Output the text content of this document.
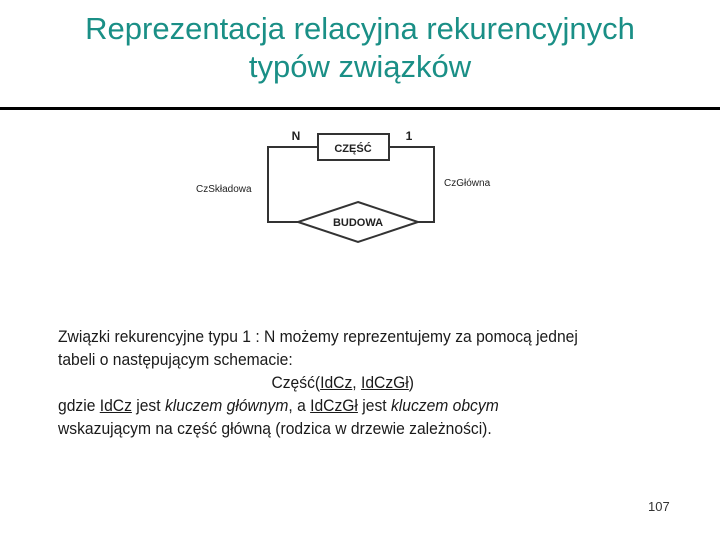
Reprezentacja relacyjna rekurencyjnych
typów związków
CZĘŚĆ
BUDOWA
N	1
CzSkładowa
CzGłówna
Związki rekurencyjne typu 1 : N możemy reprezentujemy za pomocą jednej
tabeli o następującym schemacie:
Część(IdCz, IdCzGł)
gdzie IdCz jest kluczem głównym, a IdCzGł jest kluczem obcym
wskazującym na część główną (rodzica w drzewie zależności).
107
